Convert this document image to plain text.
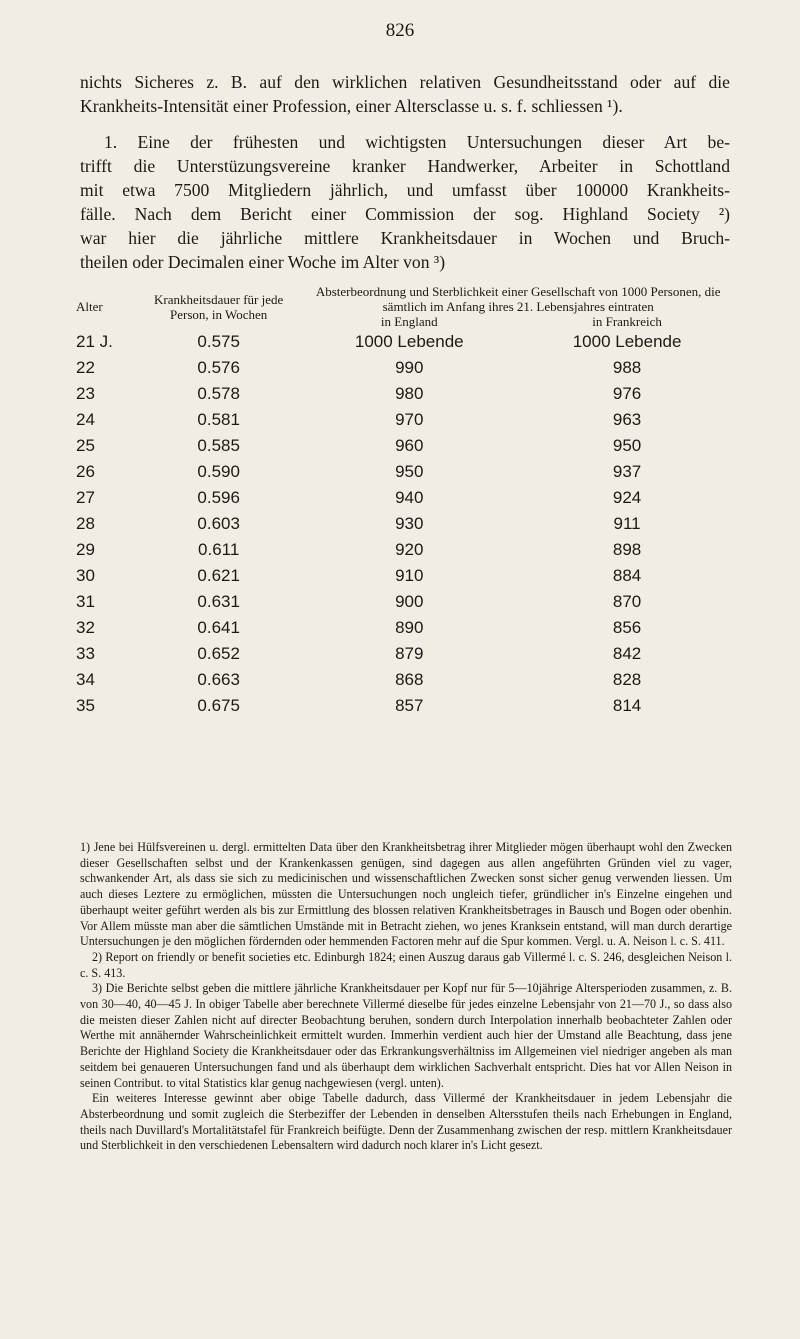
826
nichts Sicheres z. B. auf den wirklichen relativen Gesundheitsstand oder auf die
Krankheits-Intensität einer Profession, einer Altersclasse u. s. f. schliessen ¹).
1. Eine der frühesten und wichtigsten Untersuchungen dieser Art be-
trifft die Unterstüzungsvereine kranker Handwerker, Arbeiter in Schottland
mit etwa 7500 Mitgliedern jährlich, und umfasst über 100000 Krankheits-
fälle. Nach dem Bericht einer Commission der sog. Highland Society ²)
war hier die jährliche mittlere Krankheitsdauer in Wochen und Bruch-
theilen oder Decimalen einer Woche im Alter von ³)
Alter	Krankheitsdauer für jede Person, in Wochen	Absterbeordnung und Sterblichkeit einer Gesellschaft von 1000 Personen, die sämtlich im Anfang ihres 21. Lebensjahres eintraten	
		in England	in Frankreich
21 J.	0.575	1000 Lebende	1000 Lebende
22	0.576	990	988
23	0.578	980	976
24	0.581	970	963
25	0.585	960	950
26	0.590	950	937
27	0.596	940	924
28	0.603	930	911
29	0.611	920	898
30	0.621	910	884
31	0.631	900	870
32	0.641	890	856
33	0.652	879	842
34	0.663	868	828
35	0.675	857	814

1) Jene bei Hülfsvereinen u. dergl. ermittelten Data über den Krankheitsbetrag ihrer Mitglieder mögen überhaupt wohl den Zwecken dieser Gesellschaften selbst und der Krankenkassen genügen, sind dagegen aus allen angeführten Gründen viel zu vager, schwankender Art, als dass sie sich zu medicinischen und wissenschaftlichen Zwecken sonst sicher genug verwenden liessen. Um auch dieses Leztere zu ermöglichen, müssten die Untersuchungen noch ungleich tiefer, gründlicher in's Einzelne eingehen und überhaupt weiter geführt werden als bis zur Ermittlung des blossen relativen Krankheitsbetrages in Bausch und Bogen oder obenhin. Vor Allem müsste man aber die sämtlichen Umstände mit in Betracht ziehen, wo jenes Kranksein entstand, will man durch derartige Untersuchungen je den möglichen fördernden oder hemmenden Factoren mehr auf die Spur kommen. Vergl. u. A. Neison l. c. S. 411.

2) Report on friendly or benefit societies etc. Edinburgh 1824; einen Auszug daraus gab Villermé l. c. S. 246, desgleichen Neison l. c. S. 413.

3) Die Berichte selbst geben die mittlere jährliche Krankheitsdauer per Kopf nur für 5—10jährige Altersperioden zusammen, z. B. von 30—40, 40—45 J. In obiger Tabelle aber berechnete Villermé dieselbe für jedes einzelne Lebensjahr von 21—70 J., so dass also die meisten dieser Zahlen nicht auf directer Beobachtung beruhen, sondern durch Interpolation innerhalb beobachteter Zahlen oder Werthe mit annähernder Wahrscheinlichkeit ermittelt wurden. Immerhin verdient auch hier der Umstand alle Beachtung, dass jene Berichte der Highland Society die Krankheitsdauer oder das Erkrankungsverhältniss im Allgemeinen viel niedriger angeben als man seitdem bei genaueren Untersuchungen fand und als überhaupt dem wirklichen Sachverhalt entspricht. Dies hat vor Allen Neison in seinen Contribut. to vital Statistics klar genug nachgewiesen (vergl. unten).

Ein weiteres Interesse gewinnt aber obige Tabelle dadurch, dass Villermé der Krankheitsdauer in jedem Lebensjahr die Absterbeordnung und somit zugleich die Sterbeziffer der Lebenden in denselben Altersstufen theils nach Erhebungen in England, theils nach Duvillard's Mortalitätstafel für Frankreich beifügte. Denn der Zusammenhang zwischen der resp. mittlern Krankheitsdauer und Sterblichkeit in den verschiedenen Lebensaltern wird dadurch noch klarer in's Licht gesezt.
